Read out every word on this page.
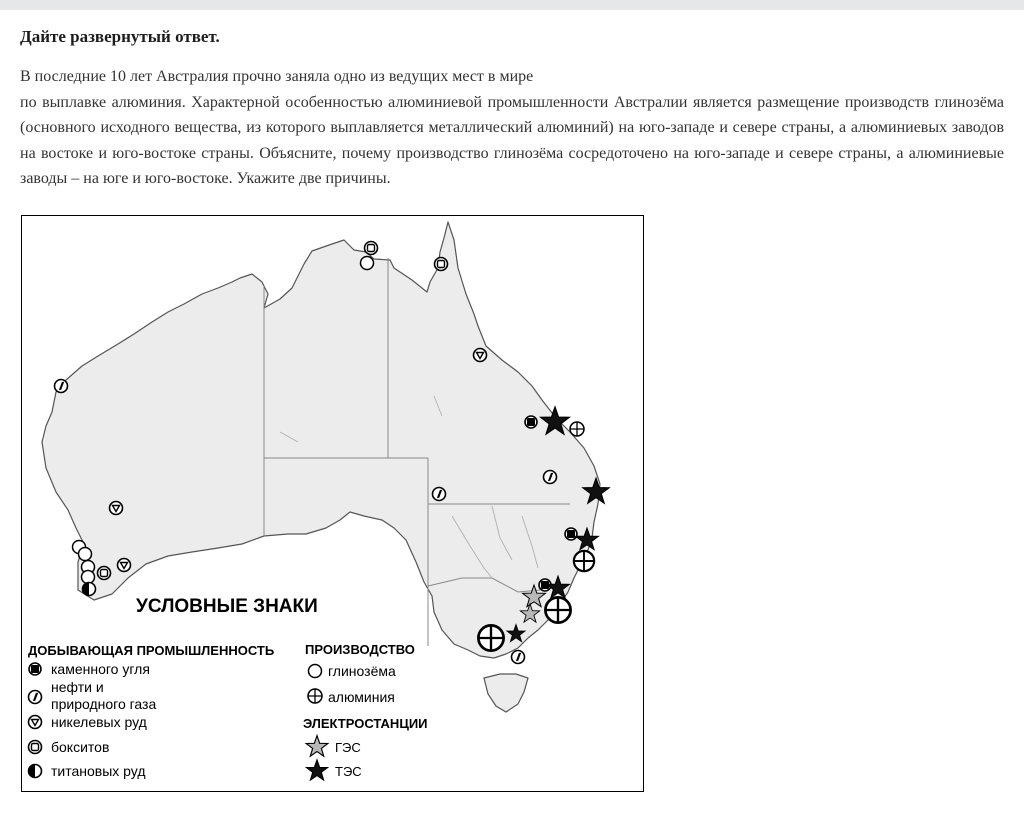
Дайте развернутый ответ.
В последние 10 лет Австралия прочно заняла одно из ведущих мест в мире
по выплавке алюминия. Характерной особенностью алюминиевой промышленности Австралии является размещение производств глинозёма (основного исходного вещества, из которого выплавляется металлический алюминий) на юго-западе и севере страны, а алюминиевых заводов на востоке и юго-востоке страны. Объясните, почему производство глинозёма сосредоточено на юго-западе и севере страны, а алюминиевые заводы – на юге и юго-востоке. Укажите две причины.
УСЛОВНЫЕ ЗНАКИ
ДОБЫВАЮЩАЯ ПРОМЫШЛЕННОСТЬ
каменного угля
нефти и
природного газа
никелевых руд
бокситов
титановых руд
ПРОИЗВОДСТВО
глинозёма
алюминия
ЭЛЕКТРОСТАНЦИИ
ГЭС
ТЭС
